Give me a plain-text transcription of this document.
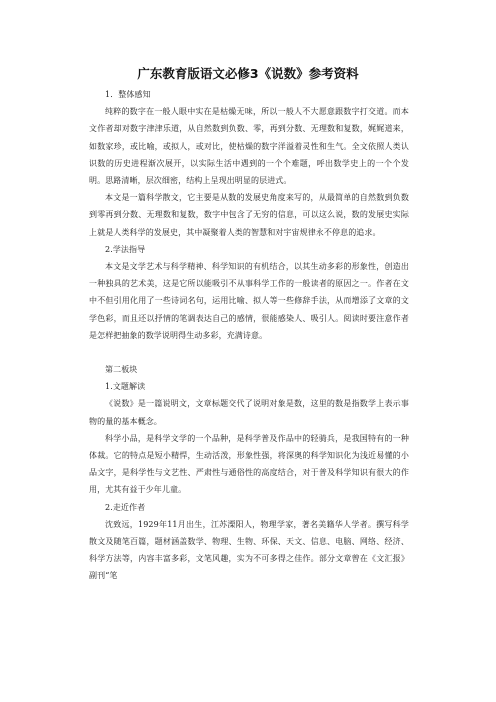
广东教育版语文必修3《说数》参考资料

1．整体感知

纯粹的数字在一般人眼中实在是枯燥无味，所以一般人不大愿意跟数字打交道。而本文作者却对数字津津乐道，从自然数到负数、零，再到分数、无理数和复数，娓娓道来，如数家珍，或比喻，或拟人，或对比，使枯燥的数字洋溢着灵性和生气。全文依照人类认识数的历史进程渐次展开，以实际生活中遇到的一个个难题，呼出数学史上的一个个发明。思路清晰，层次细密，结构上呈现出明显的层进式。

本文是一篇科学散文，它主要是从数的发展史角度来写的，从最简单的自然数到负数到零再到分数、无理数和复数，数字中包含了无穷的信息，可以这么说，数的发展史实际上就是人类科学的发展史，其中凝聚着人类的智慧和对宇宙规律永不停息的追求。

2.学法指导

本文是文学艺术与科学精神、科学知识的有机结合，以其生动多彩的形象性，创造出一种独具的艺术美，这是它所以能吸引不从事科学工作的一般读者的原因之一。作者在文中不但引用化用了一些诗词名句，运用比喻、拟人等一些修辞手法，从而增添了文章的文学色彩，而且还以抒情的笔调表达自己的感情，很能感染人、吸引人。阅读时要注意作者是怎样把抽象的数学说明得生动多彩，充满诗意。

第二板块

1.文题解读

《说数》是一篇说明文，文章标题交代了说明对象是数，这里的数是指数学上表示事物的量的基本概念。

科学小品，是科学文学的一个品种，是科学普及作品中的轻骑兵，是我国特有的一种体裁。它的特点是短小精悍，生动活泼，形象性强，将深奥的科学知识化为浅近易懂的小品文字，是科学性与文艺性、严肃性与通俗性的高度结合，对于普及科学知识有很大的作用，尤其有益于少年儿童。

2.走近作者

沈致远，1929年11月出生，江苏溧阳人，物理学家，著名美籍华人学者。撰写科学散文及随笔百篇，题材涵盖数学、物理、生物、环保、天文、信息、电脑、网络、经济、科学方法等，内容丰富多彩，文笔风趣，实为不可多得之佳作。部分文章曾在《文汇报》副刊“笔
